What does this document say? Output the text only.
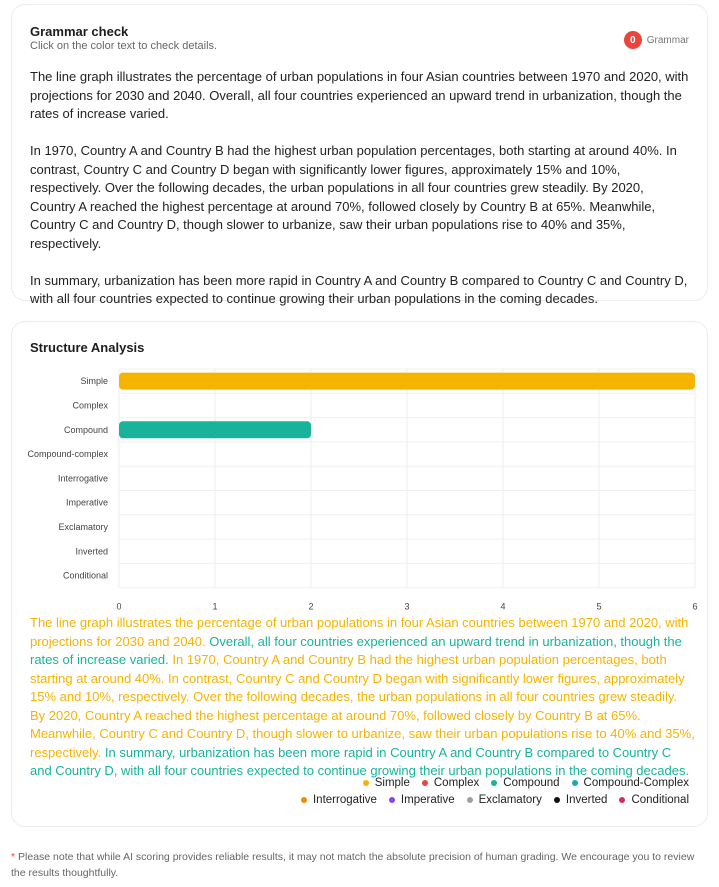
Grammar check
Click on the color text to check details.	0	Grammar

The line graph illustrates the percentage of urban populations in four Asian countries between 1970 and 2020, with projections for 2030 and 2040. Overall, all four countries experienced an upward trend in urbanization, though the rates of increase varied.

In 1970, Country A and Country B had the highest urban population percentages, both starting at around 40%. In contrast, Country C and Country D began with significantly lower figures, approximately 15% and 10%, respectively. Over the following decades, the urban populations in all four countries grew steadily. By 2020, Country A reached the highest percentage at around 70%, followed closely by Country B at 65%. Meanwhile, Country C and Country D, though slower to urbanize, saw their urban populations rise to 40% and 35%, respectively.

In summary, urbanization has been more rapid in Country A and Country B compared to Country C and Country D, with all four countries expected to continue growing their urban populations in the coming decades.

Structure Analysis
Simple
Complex
Compound
Compound-complex
Interrogative
Imperative
Exclamatory
Inverted
Conditional
0	1	2	3	4	5	6
The line graph illustrates the percentage of urban populations in four Asian countries between 1970 and 2020, with projections for 2030 and 2040. Overall, all four countries experienced an upward trend in urbanization, though the rates of increase varied. In 1970, Country A and Country B had the highest urban population percentages, both starting at around 40%. In contrast, Country C and Country D began with significantly lower figures, approximately 15% and 10%, respectively. Over the following decades, the urban populations in all four countries grew steadily. By 2020, Country A reached the highest percentage at around 70%, followed closely by Country B at 65%. Meanwhile, Country C and Country D, though slower to urbanize, saw their urban populations rise to 40% and 35%, respectively. In summary, urbanization has been more rapid in Country A and Country B compared to Country C and Country D, with all four countries expected to continue growing their urban populations in the coming decades.
Simple Complex Compound Compound-Complex
Interrogative Imperative Exclamatory Inverted Conditional
* Please note that while AI scoring provides reliable results, it may not match the absolute precision of human grading. We encourage you to review the results thoughtfully.
